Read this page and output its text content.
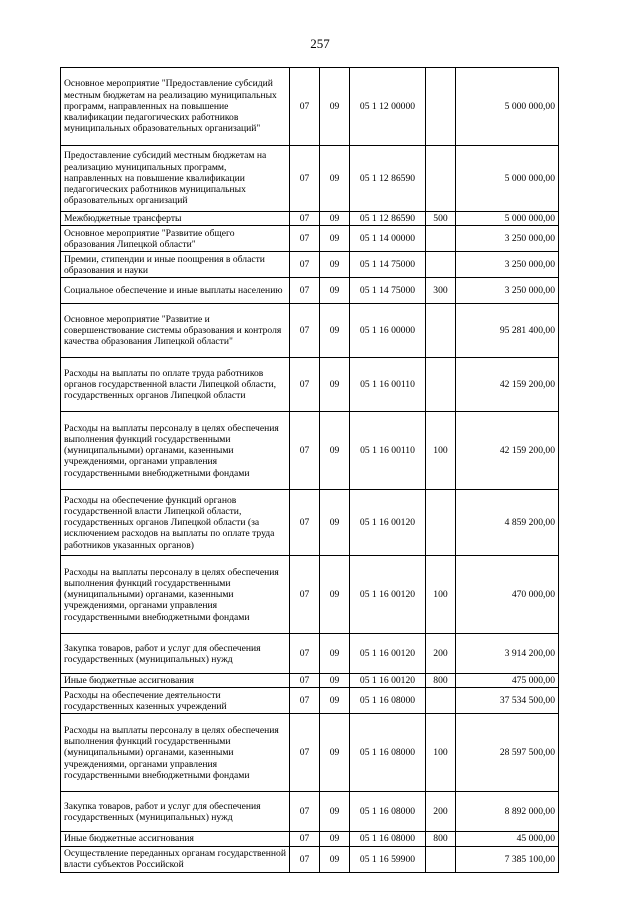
257
Основное мероприятие "Предоставление субсидий местным бюджетам на реализацию муниципальных программ, направленных на повышение квалификации педагогических работников муниципальных образовательных организаций"	07	09	05 1 12 00000		5 000 000,00
Предоставление субсидий местным бюджетам на реализацию муниципальных программ, направленных на повышение квалификации педагогических работников муниципальных образовательных организаций	07	09	05 1 12 86590		5 000 000,00
Межбюджетные трансферты	07	09	05 1 12 86590	500	5 000 000,00
Основное мероприятие "Развитие общего образования Липецкой области"	07	09	05 1 14 00000		3 250 000,00
Премии, стипендии и иные поощрения в области образования и науки	07	09	05 1 14 75000		3 250 000,00
Социальное обеспечение и иные выплаты населению	07	09	05 1 14 75000	300	3 250 000,00
Основное мероприятие "Развитие и совершенствование системы образования и контроля качества образования Липецкой области"	07	09	05 1 16 00000		95 281 400,00
Расходы на выплаты по оплате труда работников органов государственной власти Липецкой области, государственных органов Липецкой области	07	09	05 1 16 00110		42 159 200,00
Расходы на выплаты персоналу в целях обеспечения выполнения функций государственными (муниципальными) органами, казенными учреждениями, органами управления государственными внебюджетными фондами	07	09	05 1 16 00110	100	42 159 200,00
Расходы на обеспечение функций органов государственной власти Липецкой области, государственных органов Липецкой области (за исключением расходов на выплаты по оплате труда работников указанных органов)	07	09	05 1 16 00120		4 859 200,00
Расходы на выплаты персоналу в целях обеспечения выполнения функций государственными (муниципальными) органами, казенными учреждениями, органами управления государственными внебюджетными фондами	07	09	05 1 16 00120	100	470 000,00
Закупка товаров, работ и услуг для обеспечения государственных (муниципальных) нужд	07	09	05 1 16 00120	200	3 914 200,00
Иные бюджетные ассигнования	07	09	05 1 16 00120	800	475 000,00
Расходы на обеспечение деятельности государственных казенных учреждений	07	09	05 1 16 08000		37 534 500,00
Расходы на выплаты персоналу в целях обеспечения выполнения функций государственными (муниципальными) органами, казенными учреждениями, органами управления государственными внебюджетными фондами	07	09	05 1 16 08000	100	28 597 500,00
Закупка товаров, работ и услуг для обеспечения государственных (муниципальных) нужд	07	09	05 1 16 08000	200	8 892 000,00
Иные бюджетные ассигнования	07	09	05 1 16 08000	800	45 000,00
Осуществление переданных органам государственной власти субъектов Российской	07	09	05 1 16 59900		7 385 100,00
